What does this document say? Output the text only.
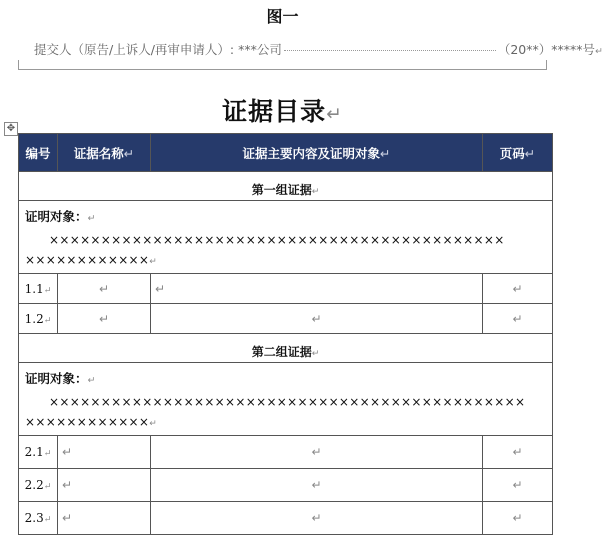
图一
提交人（原告/上诉人/再审申请人）: ***公司	（20**）*****号↵
证据目录↵
✥
编号	证据名称↵	证据主要内容及证明对象↵	页码↵
第一组证据↵			

证明对象：↵
××××××××××××××××××××××××××××××××××××××××××××
××××××××××××↵			

1.1↵	↵	↵	↵
1.2↵	↵	↵	↵
第二组证据↵			

证明对象：↵
××××××××××××××××××××××××××××××××××××××××××××××
××××××××××××↵			

2.1↵	↵	↵	↵
2.2↵	↵	↵	↵
2.3↵	↵	↵	↵
